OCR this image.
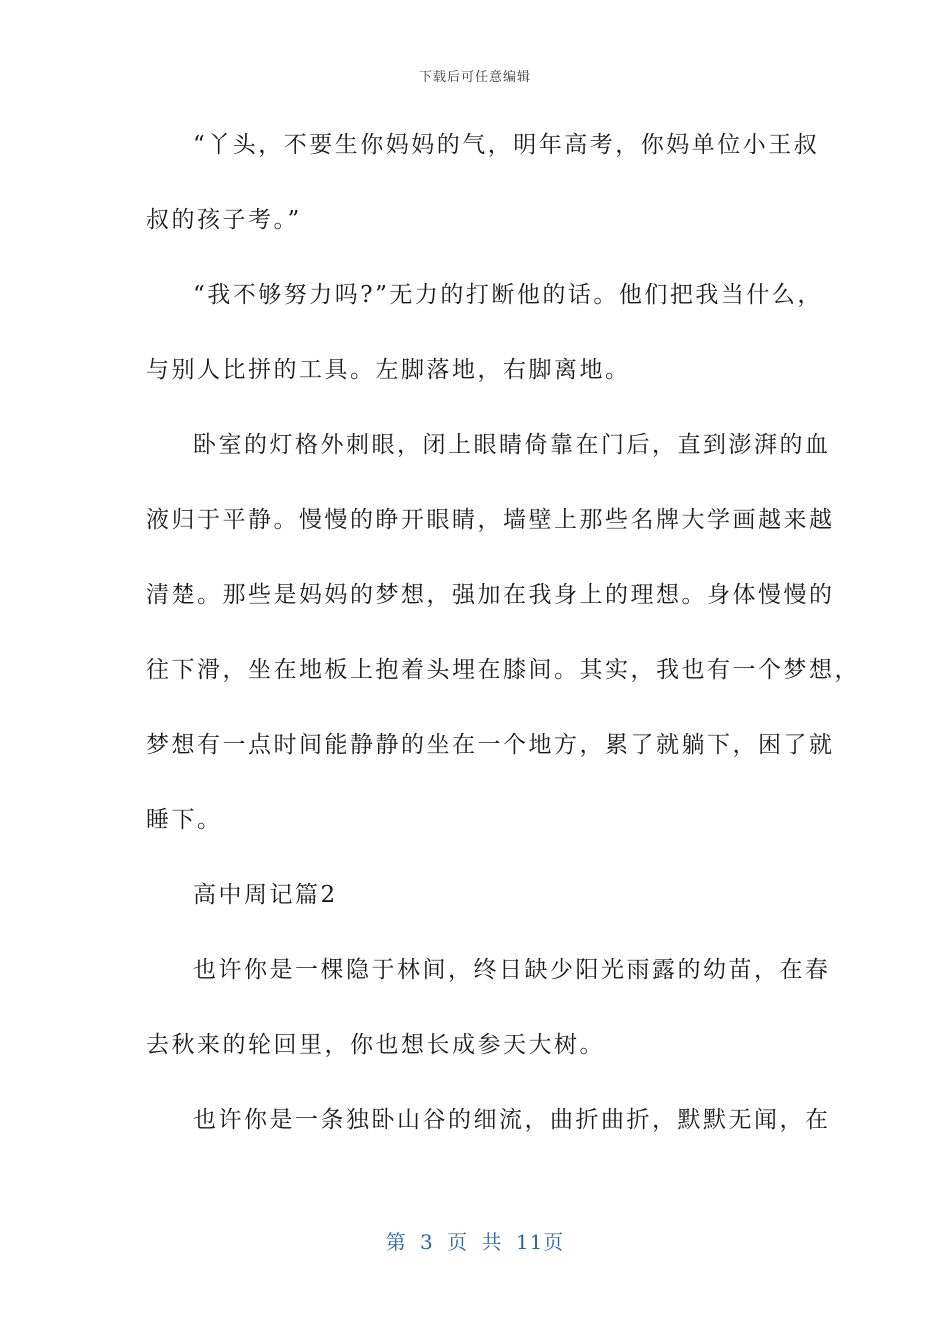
下载后可任意编辑
“丫头，不要生你妈妈的气，明年高考，你妈单位小王叔
叔的孩子考。”
“我不够努力吗?”无力的打断他的话。他们把我当什么，
与别人比拼的工具。左脚落地，右脚离地。
卧室的灯格外刺眼，闭上眼睛倚靠在门后，直到澎湃的血
液归于平静。慢慢的睁开眼睛，墙壁上那些名牌大学画越来越
清楚。那些是妈妈的梦想，强加在我身上的理想。身体慢慢的
往下滑，坐在地板上抱着头埋在膝间。其实，我也有一个梦想，
梦想有一点时间能静静的坐在一个地方，累了就躺下，困了就
睡下。
高中周记篇2
也许你是一棵隐于林间，终日缺少阳光雨露的幼苗，在春
去秋来的轮回里，你也想长成参天大树。
也许你是一条独卧山谷的细流，曲折曲折，默默无闻，在
第 3 页 共 11页
